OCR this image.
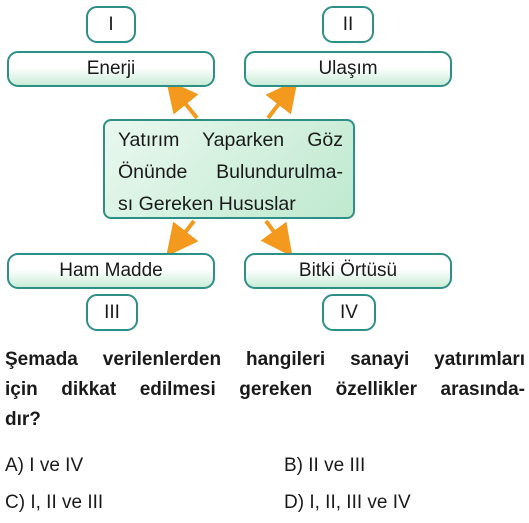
I
Enerji
II
Ulaşım
Yatırım Yaparken Göz
Önünde Bulundurulma-
sı Gereken Hususlar
Ham Madde
III
Bitki Örtüsü
IV
Şemada verilenlerden hangileri sanayi yatırımları
için dikkat edilmesi gereken özellikler arasında-
dır?
A) I ve IV	B) II ve III
C) I, II ve III	D) I, II, III ve IV
